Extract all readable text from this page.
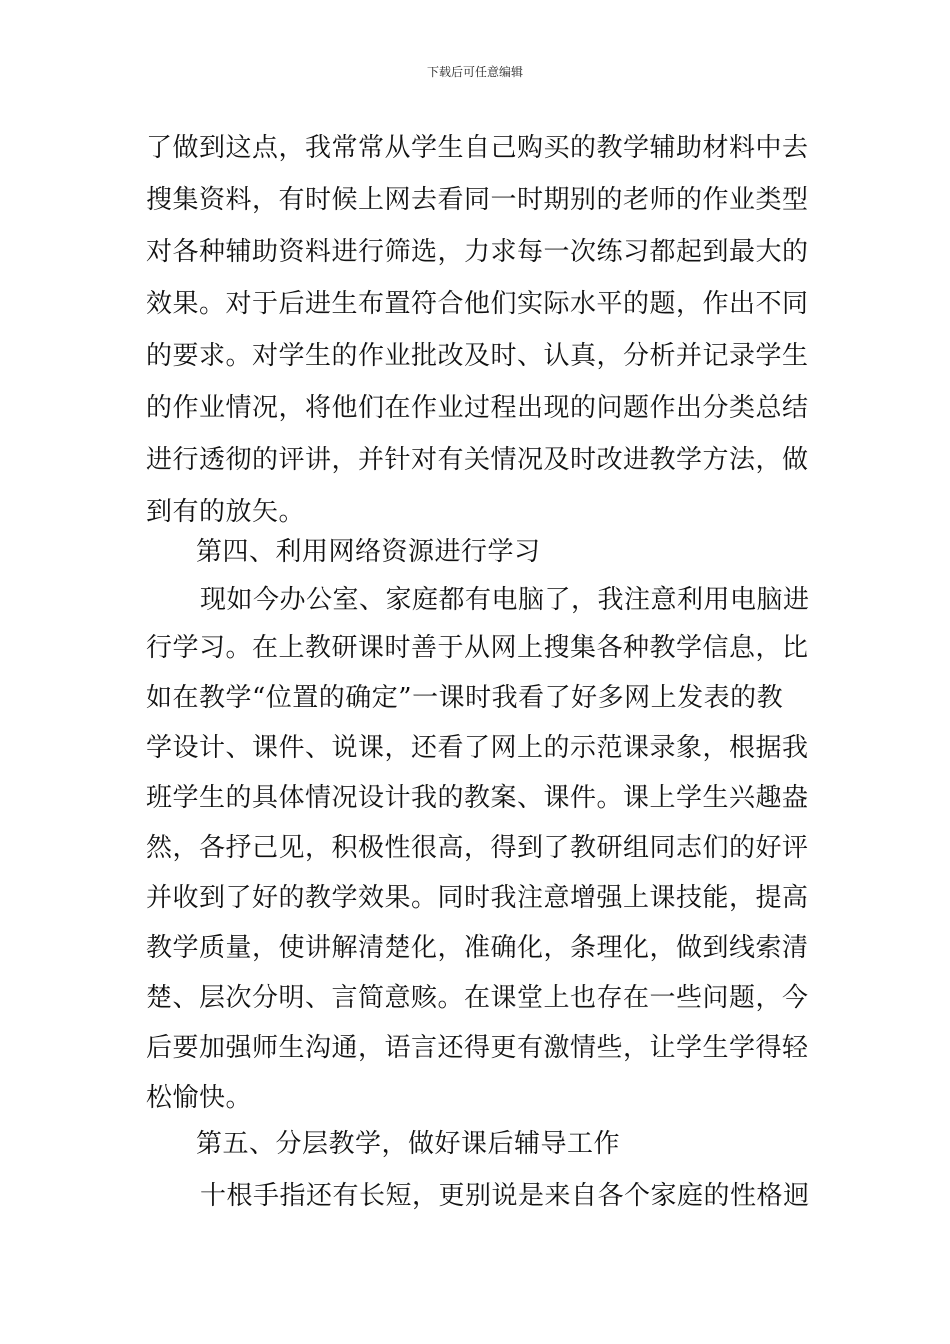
下载后可任意编辑
了做到这点，我常常从学生自己购买的教学辅助材料中去
搜集资料，有时候上网去看同一时期别的老师的作业类型
对各种辅助资料进行筛选，力求每一次练习都起到最大的
效果。对于后进生布置符合他们实际水平的题，作出不同
的要求。对学生的作业批改及时、认真，分析并记录学生
的作业情况，将他们在作业过程出现的问题作出分类总结
进行透彻的评讲，并针对有关情况及时改进教学方法，做
到有的放矢。
第四、利用网络资源进行学习
现如今办公室、家庭都有电脑了，我注意利用电脑进
行学习。在上教研课时善于从网上搜集各种教学信息，比
如在教学“位置的确定”一课时我看了好多网上发表的教
学设计、课件、说课，还看了网上的示范课录象，根据我
班学生的具体情况设计我的教案、课件。课上学生兴趣盎
然，各抒己见，积极性很高，得到了教研组同志们的好评
并收到了好的教学效果。同时我注意增强上课技能，提高
教学质量，使讲解清楚化，准确化，条理化，做到线索清
楚、层次分明、言简意赅。在课堂上也存在一些问题，今
后要加强师生沟通，语言还得更有激情些，让学生学得轻
松愉快。
第五、分层教学，做好课后辅导工作
十根手指还有长短，更别说是来自各个家庭的性格迥
